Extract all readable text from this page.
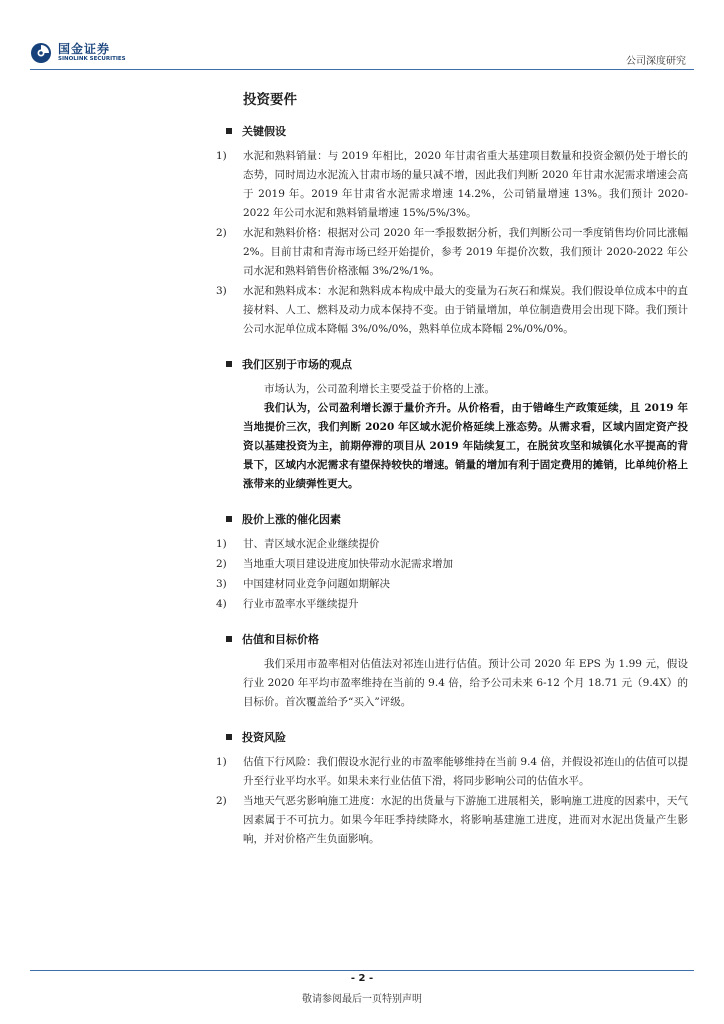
国金证券
SINOLINK SECURITIES	公司深度研究
投资要件
关键假设
1) 水泥和熟料销量：与 2019 年相比，2020 年甘肃省重大基建项目数量和投资金额仍处于增长的态势，同时周边水泥流入甘肃市场的量只减不增，因此我们判断 2020 年甘肃水泥需求增速会高于 2019 年。2019 年甘肃省水泥需求增速 14.2%，公司销量增速 13%。我们预计 2020-2022 年公司水泥和熟料销量增速 15%/5%/3%。
2) 水泥和熟料价格：根据对公司 2020 年一季报数据分析，我们判断公司一季度销售均价同比涨幅 2%。目前甘肃和青海市场已经开始提价，参考 2019 年提价次数，我们预计 2020-2022 年公司水泥和熟料销售价格涨幅 3%/2%/1%。
3) 水泥和熟料成本：水泥和熟料成本构成中最大的变量为石灰石和煤炭。我们假设单位成本中的直接材料、人工、燃料及动力成本保持不变。由于销量增加，单位制造费用会出现下降。我们预计公司水泥单位成本降幅 3%/0%/0%，熟料单位成本降幅 2%/0%/0%。
我们区别于市场的观点

市场认为，公司盈利增长主要受益于价格的上涨。

我们认为，公司盈利增长源于量价齐升。从价格看，由于错峰生产政策延续，且 2019 年当地提价三次，我们判断 2020 年区域水泥价格延续上涨态势。从需求看，区域内固定资产投资以基建投资为主，前期停滞的项目从 2019 年陆续复工，在脱贫攻坚和城镇化水平提高的背景下，区域内水泥需求有望保持较快的增速。销量的增加有利于固定费用的摊销，比单纯价格上涨带来的业绩弹性更大。

股价上涨的催化因素
1) 甘、青区域水泥企业继续提价
2) 当地重大项目建设进度加快带动水泥需求增加
3) 中国建材同业竞争问题如期解决
4) 行业市盈率水平继续提升
估值和目标价格

我们采用市盈率相对估值法对祁连山进行估值。预计公司 2020 年 EPS 为 1.99 元，假设行业 2020 年平均市盈率维持在当前的 9.4 倍，给予公司未来 6-12 个月 18.71 元（9.4X）的目标价。首次覆盖给予“买入”评级。

投资风险
1) 估值下行风险：我们假设水泥行业的市盈率能够维持在当前 9.4 倍，并假设祁连山的估值可以提升至行业平均水平。如果未来行业估值下滑，将同步影响公司的估值水平。
2) 当地天气恶劣影响施工进度：水泥的出货量与下游施工进展相关，影响施工进度的因素中，天气因素属于不可抗力。如果今年旺季持续降水，将影响基建施工进度，进而对水泥出货量产生影响，并对价格产生负面影响。
- 2 -
敬请参阅最后一页特别声明
